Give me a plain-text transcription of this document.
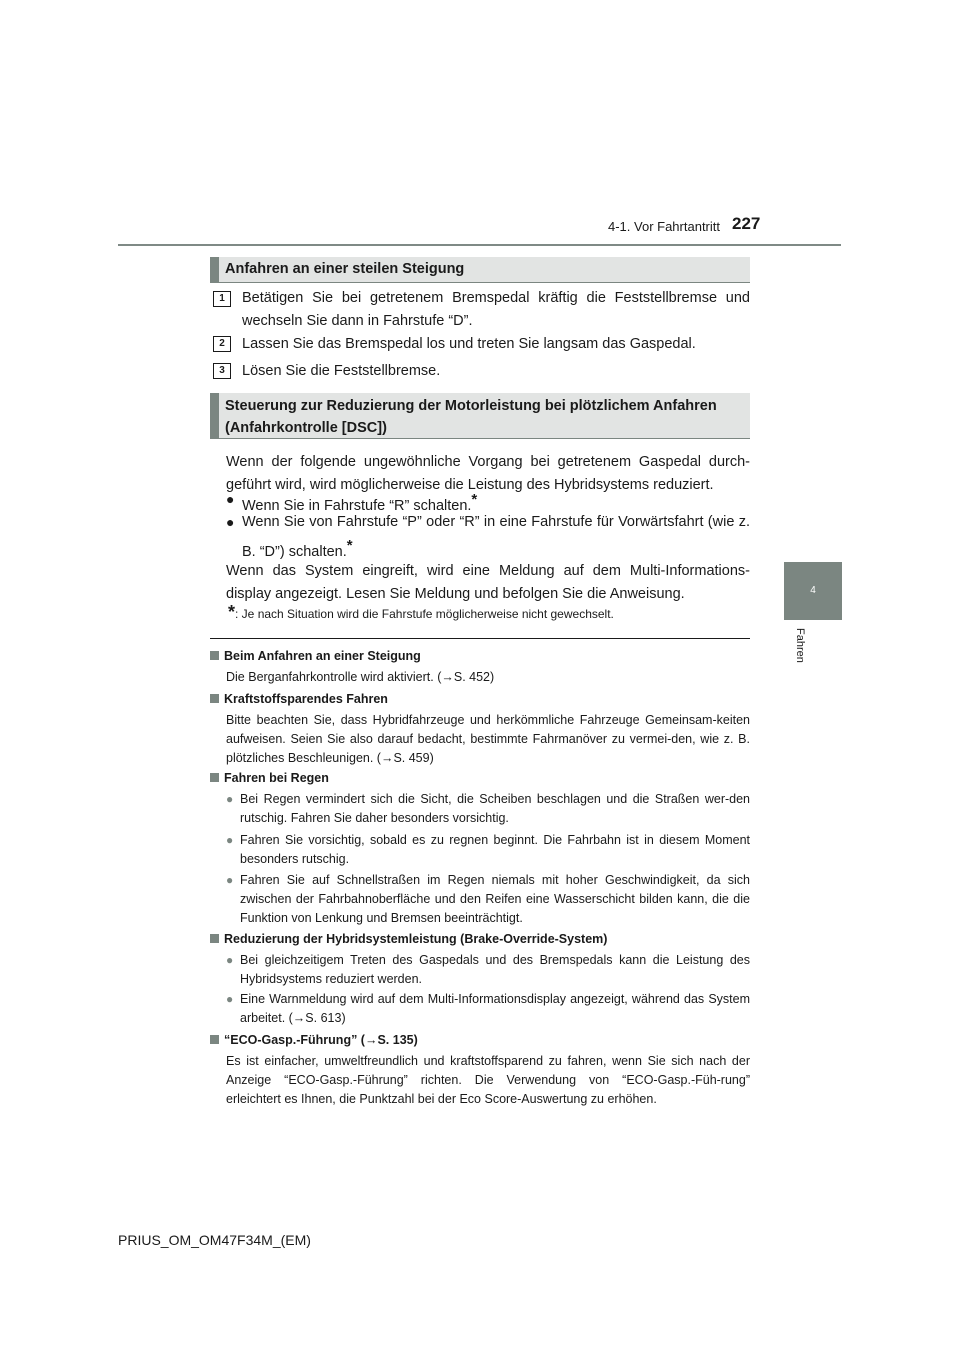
4-1. Vor Fahrtantritt 227
4
Fahren
Anfahren an einer steilen Steigung
1	Betätigen Sie bei getretenem Bremspedal kräftig die Feststellbremse und wechseln Sie dann in Fahrstufe “D”.
2	Lassen Sie das Bremspedal los und treten Sie langsam das Gaspedal.
3	Lösen Sie die Feststellbremse.
Steuerung zur Reduzierung der Motorleistung bei plötzlichem Anfahren
(Anfahrkontrolle [DSC])
Wenn der folgende ungewöhnliche Vorgang bei getretenem Gaspedal durch-geführt wird, wird möglicherweise die Leistung des Hybridsystems reduziert.
● Wenn Sie in Fahrstufe “R” schalten.*
● Wenn Sie von Fahrstufe “P” oder “R” in eine Fahrstufe für Vorwärtsfahrt (wie z. B. “D”) schalten.*
Wenn das System eingreift, wird eine Meldung auf dem Multi-Informations-display angezeigt. Lesen Sie Meldung und befolgen Sie die Anweisung.
*: Je nach Situation wird die Fahrstufe möglicherweise nicht gewechselt.
Beim Anfahren an einer Steigung
Die Berganfahrkontrolle wird aktiviert. (→S. 452)
Kraftstoffsparendes Fahren
Bitte beachten Sie, dass Hybridfahrzeuge und herkömmliche Fahrzeuge Gemeinsam-keiten aufweisen. Seien Sie also darauf bedacht, bestimmte Fahrmanöver zu vermei-den, wie z. B. plötzliches Beschleunigen. (→S. 459)
Fahren bei Regen
● Bei Regen vermindert sich die Sicht, die Scheiben beschlagen und die Straßen wer-den rutschig. Fahren Sie daher besonders vorsichtig.
● Fahren Sie vorsichtig, sobald es zu regnen beginnt. Die Fahrbahn ist in diesem Moment besonders rutschig.
● Fahren Sie auf Schnellstraßen im Regen niemals mit hoher Geschwindigkeit, da sich zwischen der Fahrbahnoberfläche und den Reifen eine Wasserschicht bilden kann, die die Funktion von Lenkung und Bremsen beeinträchtigt.
Reduzierung der Hybridsystemleistung (Brake-Override-System)
● Bei gleichzeitigem Treten des Gaspedals und des Bremspedals kann die Leistung des Hybridsystems reduziert werden.
● Eine Warnmeldung wird auf dem Multi-Informationsdisplay angezeigt, während das System arbeitet. (→S. 613)
“ECO-Gasp.-Führung” (→S. 135)
Es ist einfacher, umweltfreundlich und kraftstoffsparend zu fahren, wenn Sie sich nach der Anzeige “ECO-Gasp.-Führung” richten. Die Verwendung von “ECO-Gasp.-Füh-rung” erleichtert es Ihnen, die Punktzahl bei der Eco Score-Auswertung zu erhöhen.
PRIUS_OM_OM47F34M_(EM)
